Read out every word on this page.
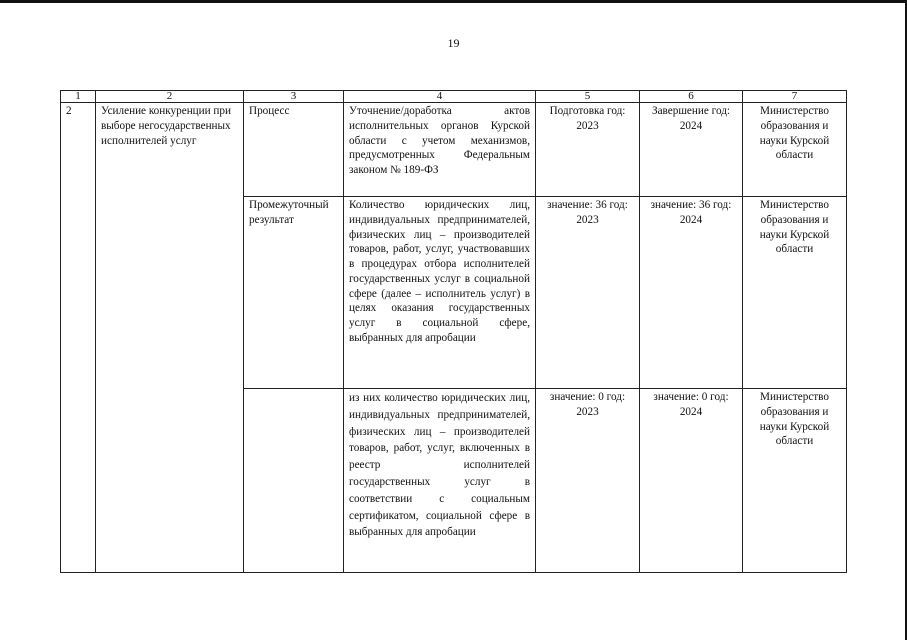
19
1	2	3	4	5	6	7
2	Усиление конкуренции при выборе негосударственных исполнителей услуг	Процесс	Уточнение/доработка актов исполнительных органов Курской области с учетом механизмов, предусмотренных Федеральным законом № 189-ФЗ	Подготовка год: 2023	Завершение год: 2024	Министерство образования и науки Курской области
		Промежуточный результат	Количество юридических лиц, индивидуальных предпринимателей, физических лиц – производителей товаров, работ, услуг, участвовавших в процедурах отбора исполнителей государственных услуг в социальной сфере (далее – исполнитель услуг) в целях оказания государственных услуг в социальной сфере, выбранных для апробации	значение: 36 год: 2023	значение: 36 год: 2024	Министерство образования и науки Курской области
			из них количество юридических лиц, индивидуальных предпринимателей, физических лиц – производителей товаров, работ, услуг, включенных в реестр исполнителей государственных услуг в соответствии с социальным сертификатом, социальной сфере в выбранных для апробации	значение: 0 год: 2023	значение: 0 год: 2024	Министерство образования и науки Курской области
